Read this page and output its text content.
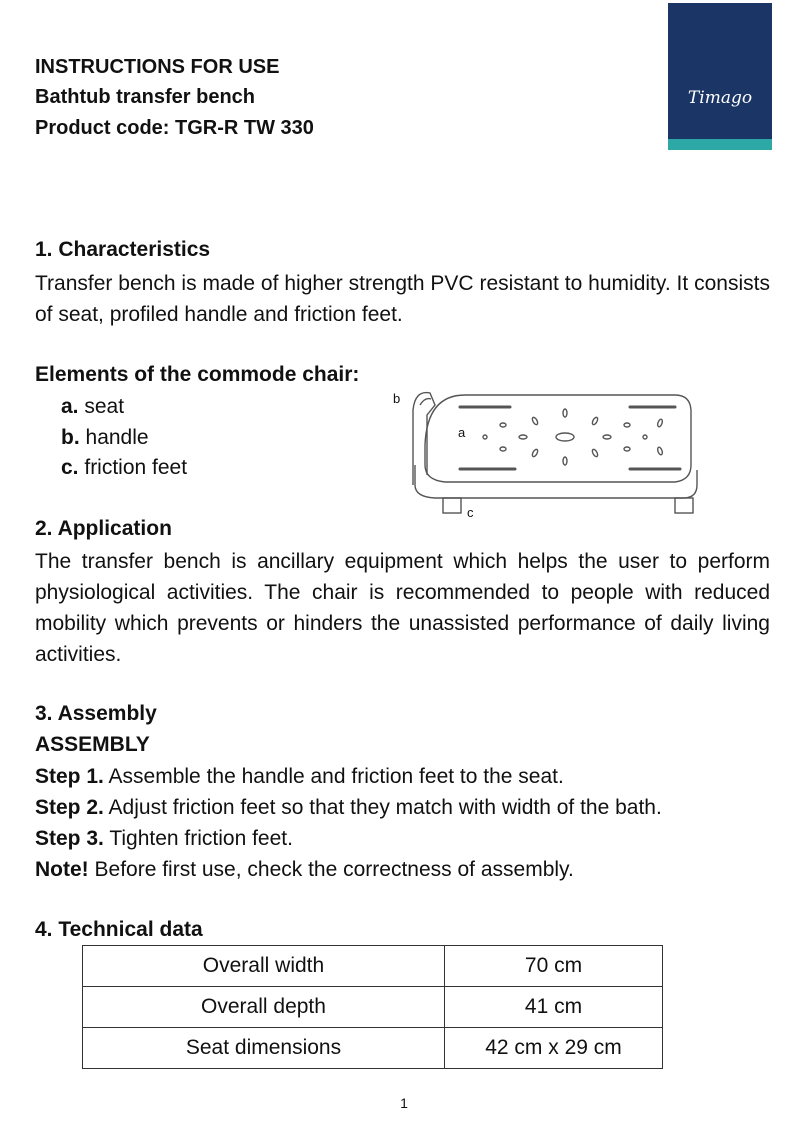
INSTRUCTIONS FOR USE
Bathtub transfer bench
Product code: TGR-R TW 330
Timago
1. Characteristics
Transfer bench is made of higher strength PVC resistant to humidity. It consists of seat, profiled handle and friction feet.
Elements of the commode chair:
a. seat
b. handle
c. friction feet
b
a
c
2. Application
The transfer bench is ancillary equipment which helps the user to perform physiological activities. The chair is recommended to people with reduced mobility which prevents or hinders the unassisted performance of daily living activities.
3. Assembly
ASSEMBLY
Step 1. Assemble the handle and friction feet to the seat.
Step 2. Adjust friction feet so that they match with width of the bath.
Step 3. Tighten friction feet.
Note! Before first use, check the correctness of assembly.
4. Technical data
Overall width	70 cm
Overall depth	41 cm
Seat dimensions	42 cm x 29 cm
1
